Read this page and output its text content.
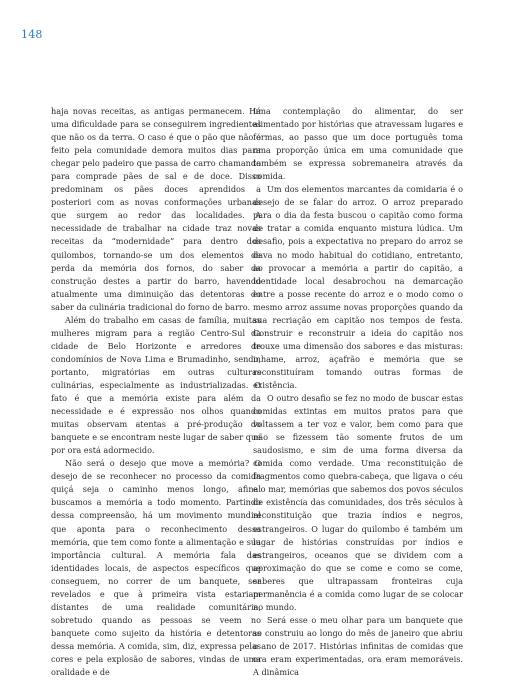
148

haja novas receitas, as antigas permanecem. Há uma dificuldade para se conseguirem ingredientes que não os da terra. O caso é que o pão que não é feito pela comunidade demora muitos dias para chegar pelo padeiro que passa de carro chamando para comprade pães de sal e de doce. Disso predominam os pães doces aprendidos a posteriori com as novas conformações urbanas que surgem ao redor das localidades. A necessidade de trabalhar na cidade traz novas receitas da “modernidade” para dentro dos quilombos, tornando-se um dos elementos de perda da memória dos fornos, do saber da construção destes a partir do barro, havendo atualmente uma diminuição das detentoras do saber da culinária tradicional do forno de barro.

Além do trabalho em casas de família, muitas mulheres migram para a região Centro-Sul da cidade de Belo Horizonte e arredores de condomínios de Nova Lima e Brumadinho, sendo, portanto, migratórias em outras culturas culinárias, especialmente as industrializadas. O fato é que a memória existe para além da necessidade e é expressão nos olhos quando muitas observam atentas a pré-produção do banquete e se encontram neste lugar de saber que por ora está adormecido.

Não será o desejo que move a memória? O desejo de se reconhecer no processo da comida quiçá seja o caminho menos longo, afinal buscamos a memória a todo momento. Partindo dessa compreensão, há um movimento mundial que aponta para o reconhecimento dessa memória, que tem como fonte a alimentação e sua importância cultural. A memória fala das identidades locais, de aspectos específicos que conseguem, no correr de um banquete, ser revelados e que à primeira vista estariam distantes de uma realidade comunitária, sobretudo quando as pessoas se veem no banquete como sujeito da história e detentoras dessa memória. A comida, sim, diz, expressa pelas cores e pela explosão de sabores, vindas de uma oralidade e de

uma contemplação do alimentar, do ser alimentado por histórias que atravessam lugares e formas, ao passo que um doce português toma uma proporção única em uma comunidade que também se expressa sobremaneira através da comida.

Um dos elementos marcantes da comidaria é o desejo de se falar do arroz. O arroz preparado para o dia da festa buscou o capitão como forma de tratar a comida enquanto mistura lúdica. Um desafio, pois a expectativa no preparo do arroz se dava no modo habitual do cotidiano, entretanto, ao provocar a memória a partir do capitão, a identidade local desabrochou na demarcação entre a posse recente do arroz e o modo como o mesmo arroz assume novas proporções quando da sua recriação em capitão nos tempos de festa. Construir e reconstruir a ideia do capitão nos trouxe uma dimensão dos sabores e das misturas: inhame, arroz, açafrão e memória que se reconstituíram tomando outras formas de existência.

O outro desafio se fez no modo de buscar estas comidas extintas em muitos pratos para que voltassem a ter voz e valor, bem como para que não se fizessem tão somente frutos de um saudosismo, e sim de uma forma diversa da comida como verdade. Uma reconstituição de fragmentos como quebra-cabeça, que ligava o céu e o mar, memórias que sabemos dos povos séculos de existência das comunidades, dos três séculos à reconstituição que trazia índios e negros, estrangeiros. O lugar do quilombo é também um lugar de histórias construídas por índios e estrangeiros, oceanos que se dividem com a aproximação do que se come e como se come, saberes que ultrapassam fronteiras cuja permanência é a comida como lugar de se colocar no mundo.

Será esse o meu olhar para um banquete que se construiu ao longo do mês de janeiro que abriu o ano de 2017. Histórias infinitas de comidas que ora eram experimentadas, ora eram memoráveis. A dinâmica
